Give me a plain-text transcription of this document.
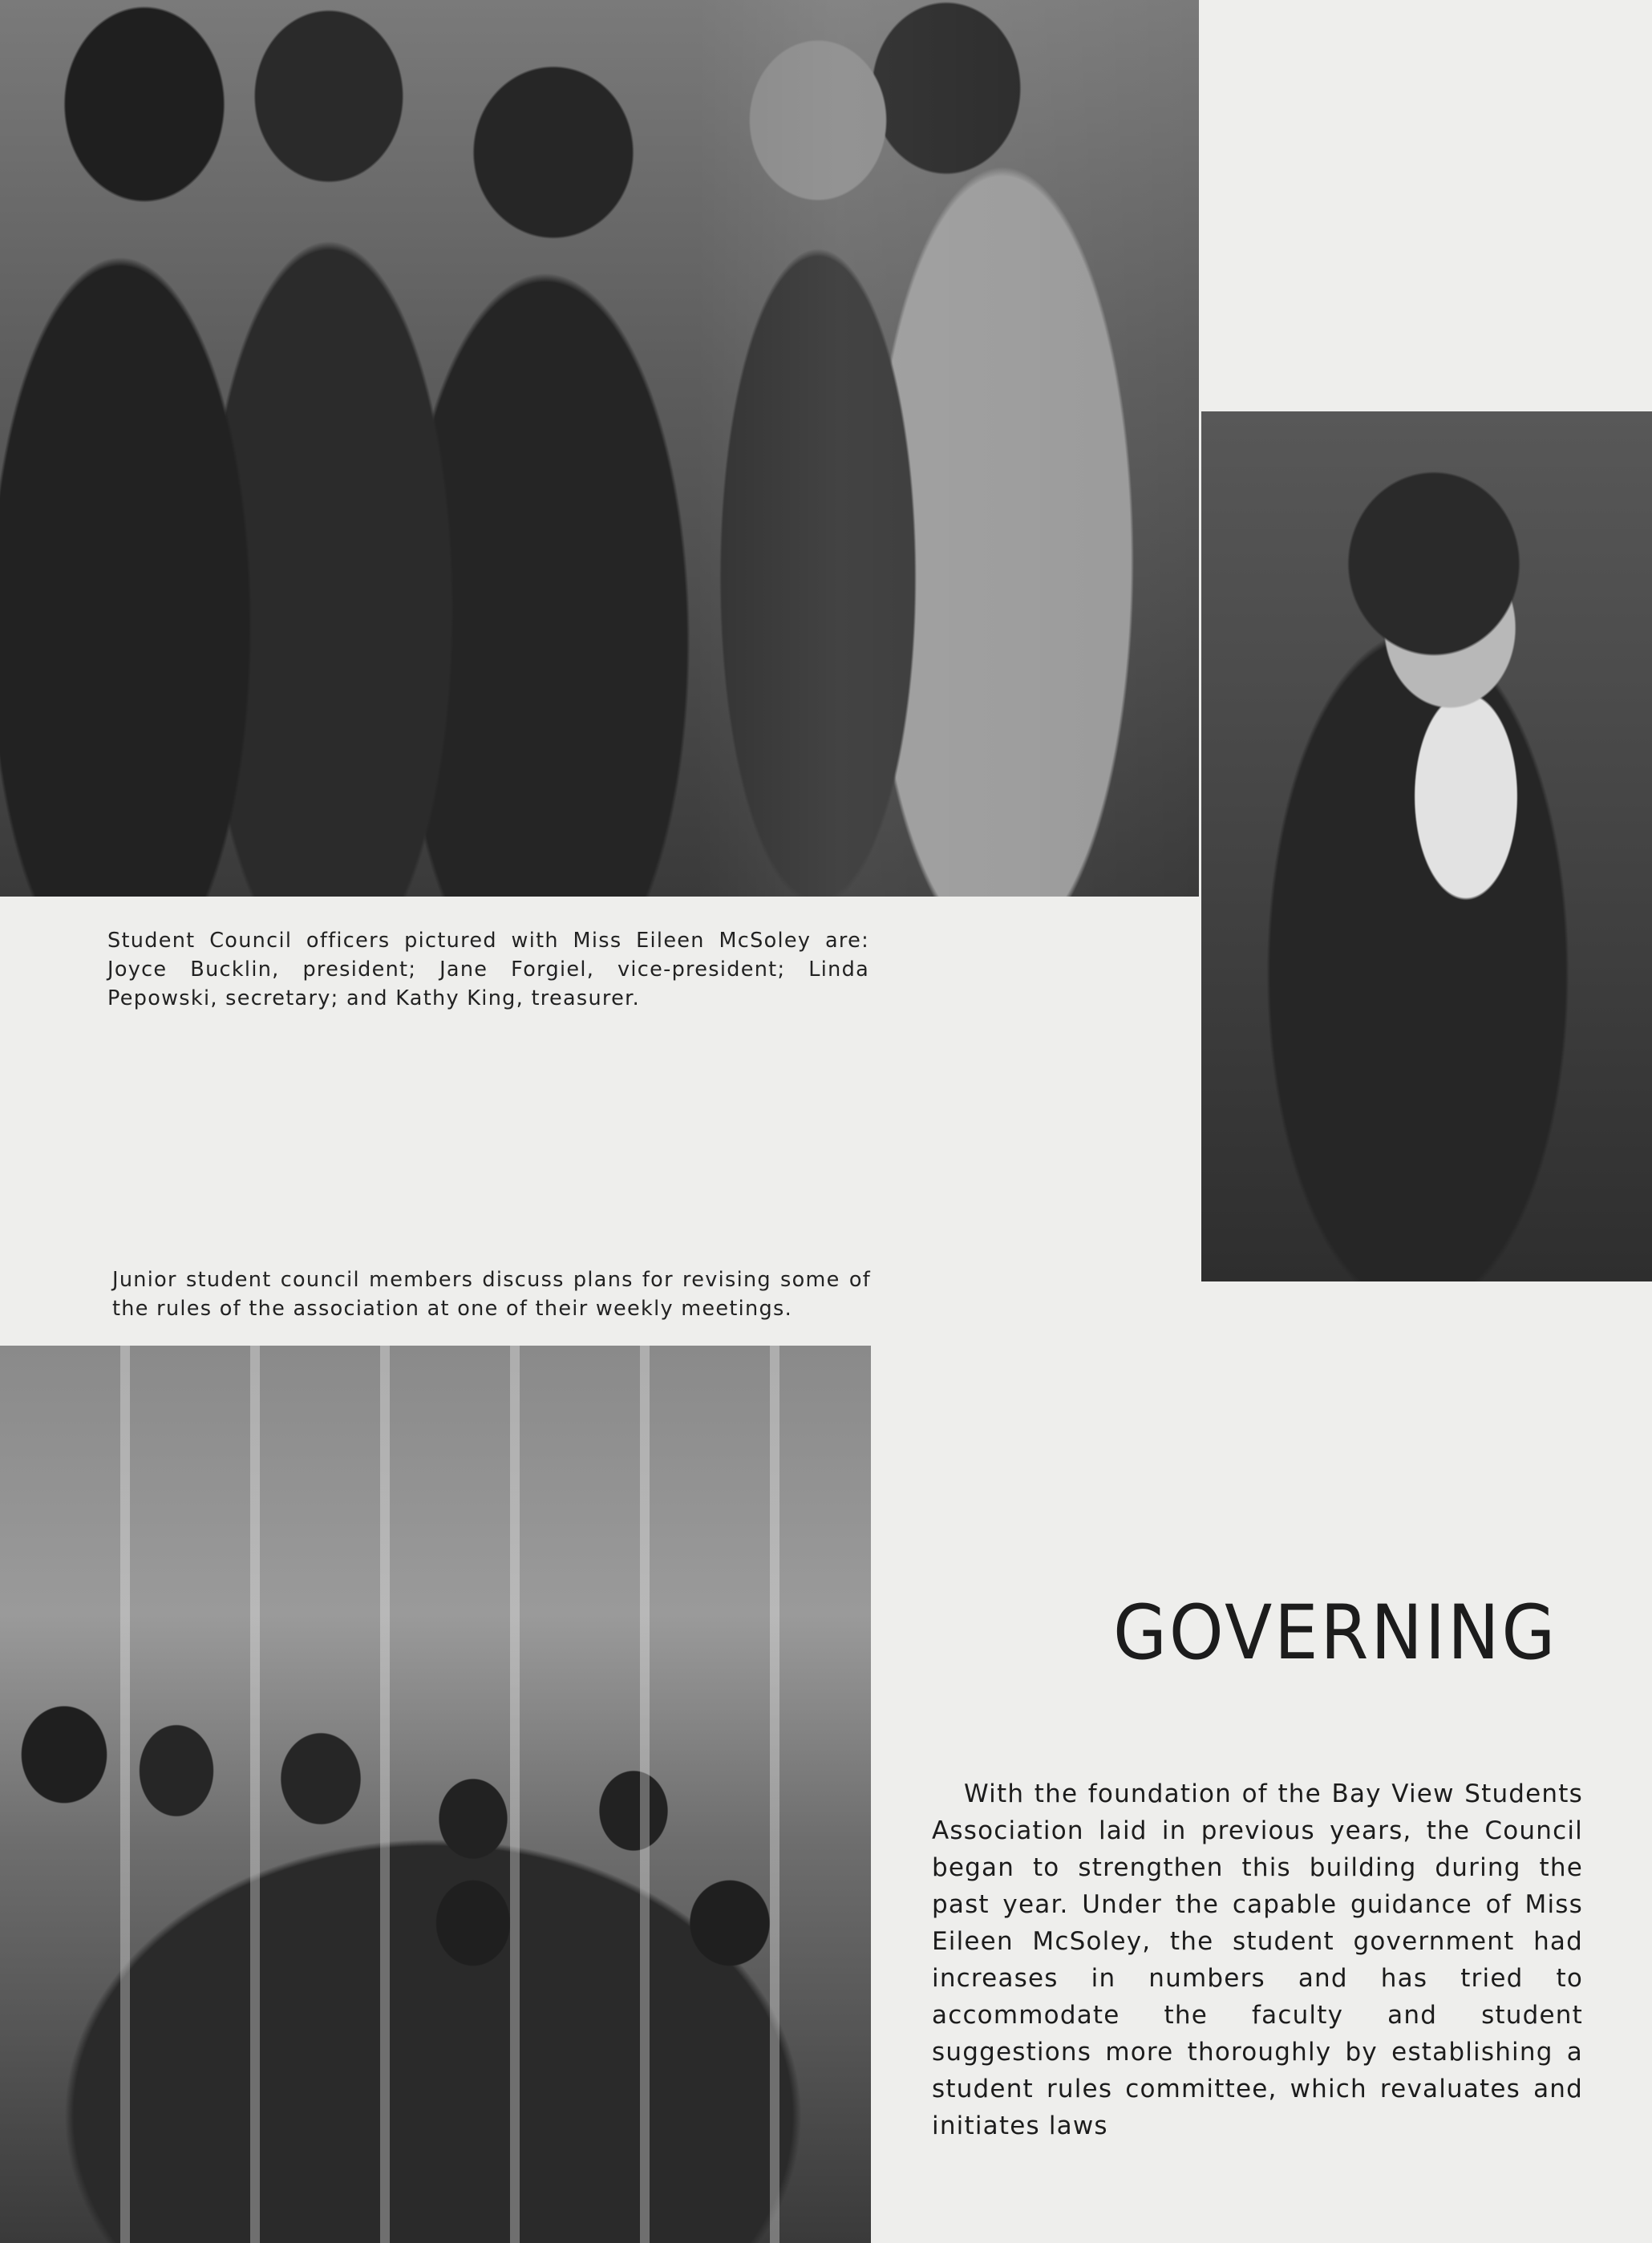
Student Council officers pictured with Miss Eileen McSoley are: Joyce Bucklin, president; Jane Forgiel, vice-president; Linda Pepowski, secretary; and Kathy King, treasurer.

Junior student council members discuss plans for revising some of the rules of the association at one of their weekly meetings.

GOVERNING

With the foundation of the Bay View Students Association laid in previous years, the Council began to strengthen this building during the past year. Under the capable guidance of Miss Eileen McSoley, the student government had increases in numbers and has tried to accommodate the faculty and student suggestions more thoroughly by establishing a student rules committee, which revaluates and initiates laws
